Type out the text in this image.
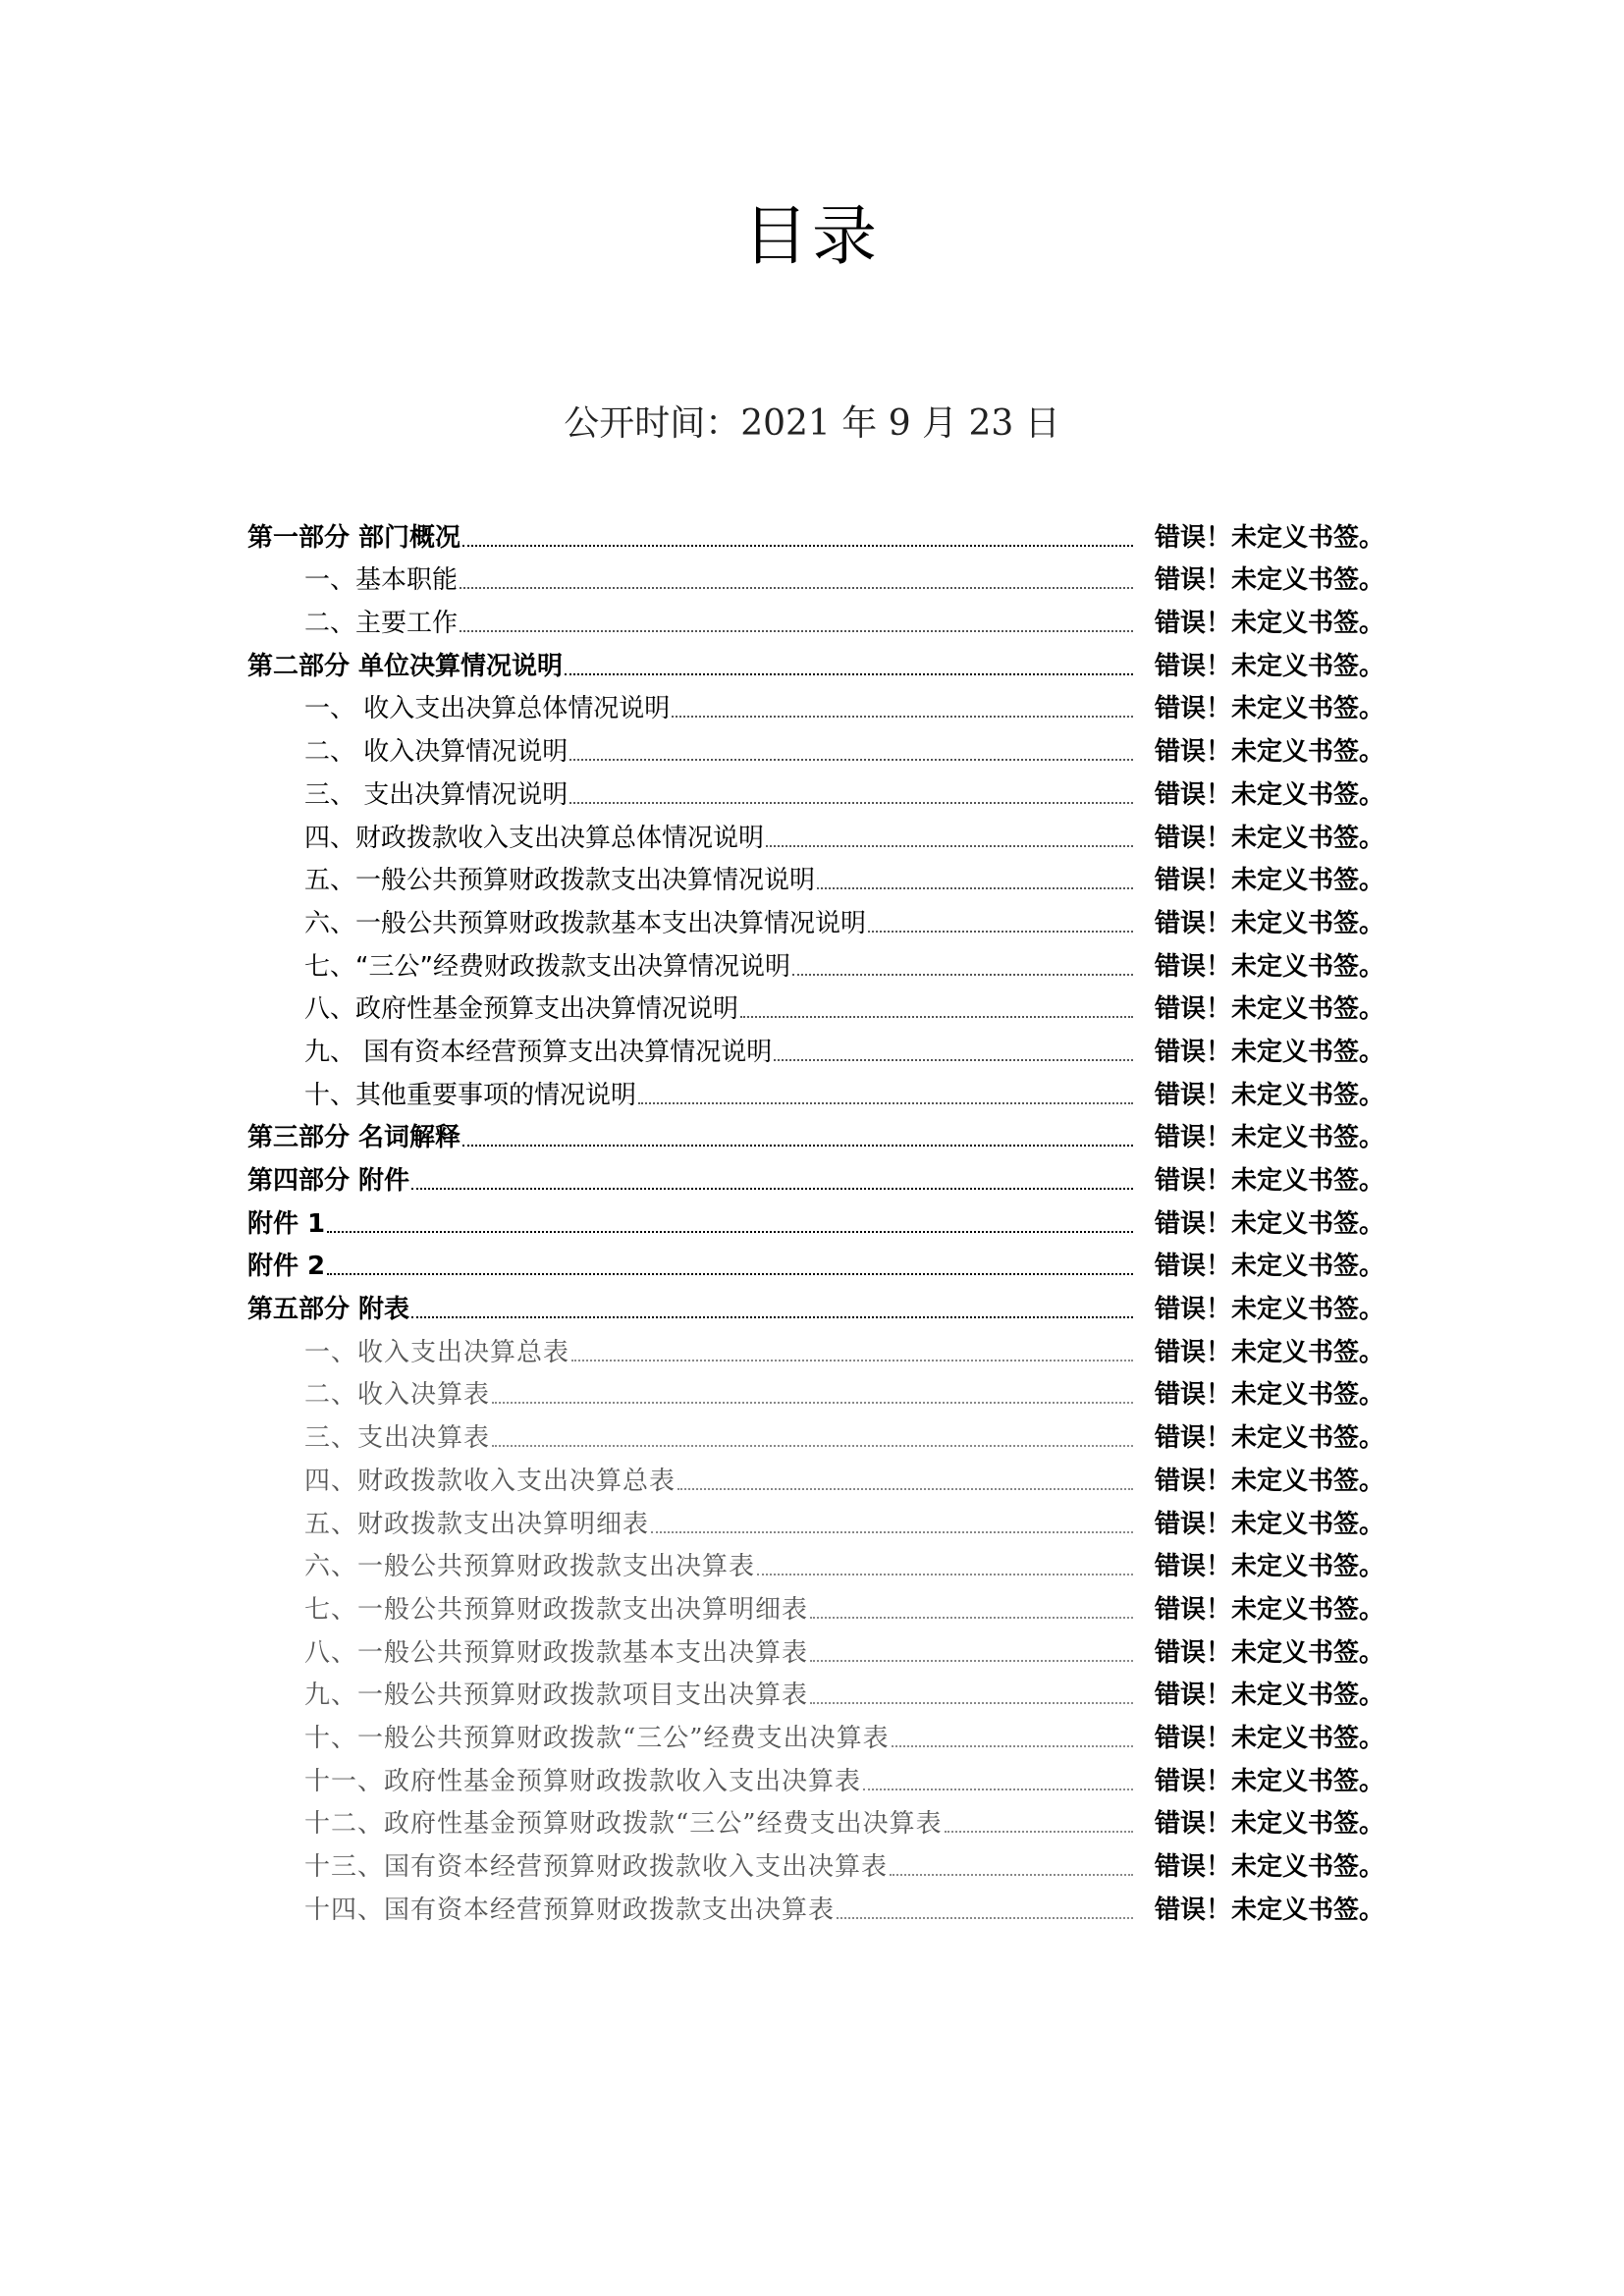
目录
公开时间：2021 年 9 月 23 日
第一部分 部门概况	错误！未定义书签。
一、基本职能	错误！未定义书签。
二、主要工作	错误！未定义书签。
第二部分 单位决算情况说明	错误！未定义书签。
一、 收入支出决算总体情况说明	错误！未定义书签。
二、 收入决算情况说明	错误！未定义书签。
三、 支出决算情况说明	错误！未定义书签。
四、财政拨款收入支出决算总体情况说明	错误！未定义书签。
五、一般公共预算财政拨款支出决算情况说明	错误！未定义书签。
六、一般公共预算财政拨款基本支出决算情况说明	错误！未定义书签。
七、“三公”经费财政拨款支出决算情况说明	错误！未定义书签。
八、政府性基金预算支出决算情况说明	错误！未定义书签。
九、 国有资本经营预算支出决算情况说明	错误！未定义书签。
十、其他重要事项的情况说明	错误！未定义书签。
第三部分 名词解释	错误！未定义书签。
第四部分 附件	错误！未定义书签。
附件 1	错误！未定义书签。
附件 2	错误！未定义书签。
第五部分 附表	错误！未定义书签。
一、收入支出决算总表	错误！未定义书签。
二、收入决算表	错误！未定义书签。
三、支出决算表	错误！未定义书签。
四、财政拨款收入支出决算总表	错误！未定义书签。
五、财政拨款支出决算明细表	错误！未定义书签。
六、一般公共预算财政拨款支出决算表	错误！未定义书签。
七、一般公共预算财政拨款支出决算明细表	错误！未定义书签。
八、一般公共预算财政拨款基本支出决算表	错误！未定义书签。
九、一般公共预算财政拨款项目支出决算表	错误！未定义书签。
十、一般公共预算财政拨款“三公”经费支出决算表	错误！未定义书签。
十一、政府性基金预算财政拨款收入支出决算表	错误！未定义书签。
十二、政府性基金预算财政拨款“三公”经费支出决算表	错误！未定义书签。
十三、国有资本经营预算财政拨款收入支出决算表	错误！未定义书签。
十四、国有资本经营预算财政拨款支出决算表	错误！未定义书签。
